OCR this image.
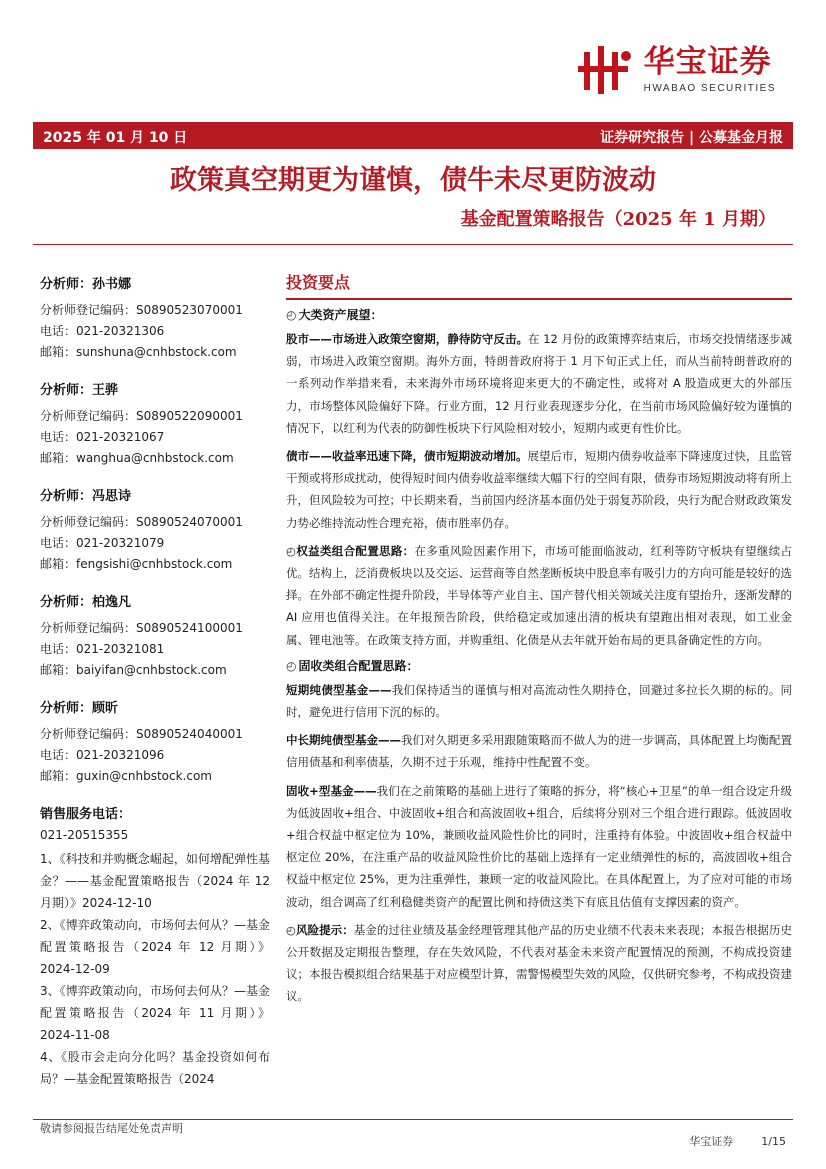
华宝证券
HWABAO SECURITIES
2025 年 01 月 10 日	证券研究报告 | 公募基金月报
政策真空期更为谨慎，债牛未尽更防波动
基金配置策略报告（2025 年 1 月期）
分析师：孙书娜
分析师登记编码：S0890523070001
电话：021-20321306
邮箱：sunshuna@cnhbstock.com
分析师：王骅
分析师登记编码：S0890522090001
电话：021-20321067
邮箱：wanghua@cnhbstock.com
分析师：冯思诗
分析师登记编码：S0890524070001
电话：021-20321079
邮箱：fengsishi@cnhbstock.com
分析师：柏逸凡
分析师登记编码：S0890524100001
电话：021-20321081
邮箱：baiyifan@cnhbstock.com
分析师：顾昕
分析师登记编码：S0890524040001
电话：021-20321096
邮箱：guxin@cnhbstock.com
销售服务电话：
021-20515355
1、《科技和并购概念崛起，如何增配弹性基金？——基金配置策略报告（2024 年 12 月期）》2024-12-10
2、《博弈政策动向，市场何去何从？—基金配置策略报告（2024 年 12 月期）》2024-12-09
3、《博弈政策动向，市场何去何从？—基金配置策略报告（2024 年 11 月期）》2024-11-08
4、《股市会走向分化吗？基金投资如何布局？—基金配置策略报告（2024
投资要点
◴ 大类资产展望：

股市——市场进入政策空窗期，静待防守反击。在 12 月份的政策博弈结束后，市场交投情绪逐步减弱，市场进入政策空窗期。海外方面，特朗普政府将于 1 月下旬正式上任，而从当前特朗普政府的一系列动作举措来看，未来海外市场环境将迎来更大的不确定性，或将对 A 股造成更大的外部压力，市场整体风险偏好下降。行业方面，12 月行业表现逐步分化，在当前市场风险偏好较为谨慎的情况下，以红利为代表的防御性板块下行风险相对较小，短期内或更有性价比。

债市——收益率迅速下降，债市短期波动增加。展望后市，短期内债券收益率下降速度过快，且监管干预或将形成扰动，使得短时间内债券收益率继续大幅下行的空间有限，债券市场短期波动将有所上升，但风险较为可控；中长期来看，当前国内经济基本面仍处于弱复苏阶段，央行为配合财政政策发力势必维持流动性合理充裕，债市胜率仍存。

◴权益类组合配置思路：在多重风险因素作用下，市场可能面临波动，红利等防守板块有望继续占优。结构上，泛消费板块以及交运、运营商等自然垄断板块中股息率有吸引力的方向可能是较好的选择。在外部不确定性提升阶段，半导体等产业自主、国产替代相关领域关注度有望抬升，逐渐发酵的 AI 应用也值得关注。在年报预告阶段，供给稳定或加速出清的板块有望跑出相对表现，如工业金属、锂电池等。在政策支持方面，并购重组、化债是从去年就开始布局的更具备确定性的方向。

◴ 固收类组合配置思路：

短期纯债型基金——我们保持适当的谨慎与相对高流动性久期持仓，回避过多拉长久期的标的。同时，避免进行信用下沉的标的。

中长期纯债型基金——我们对久期更多采用跟随策略而不做人为的进一步调高，具体配置上均衡配置信用债基和利率债基，久期不过于乐观，维持中性配置不变。

固收+型基金——我们在之前策略的基础上进行了策略的拆分，将“核心+卫星”的单一组合设定升级为低波固收+组合、中波固收+组合和高波固收+组合，后续将分别对三个组合进行跟踪。低波固收+组合权益中枢定位为 10%，兼顾收益风险性价比的同时，注重持有体验。中波固收+组合权益中枢定位 20%，在注重产品的收益风险性价比的基础上选择有一定业绩弹性的标的，高波固收+组合权益中枢定位 25%，更为注重弹性，兼顾一定的收益风险比。在具体配置上，为了应对可能的市场波动，组合调高了红利稳健类资产的配置比例和持债这类下有底且估值有支撑因素的资产。

◴风险提示：基金的过往业绩及基金经理管理其他产品的历史业绩不代表未来表现；本报告根据历史公开数据及定期报告整理，存在失效风险，不代表对基金未来资产配置情况的预测，不构成投资建议；本报告模拟组合结果基于对应模型计算，需警惕模型失效的风险，仅供研究参考，不构成投资建议。

敬请参阅报告结尾处免责声明
华宝证券	1/15
